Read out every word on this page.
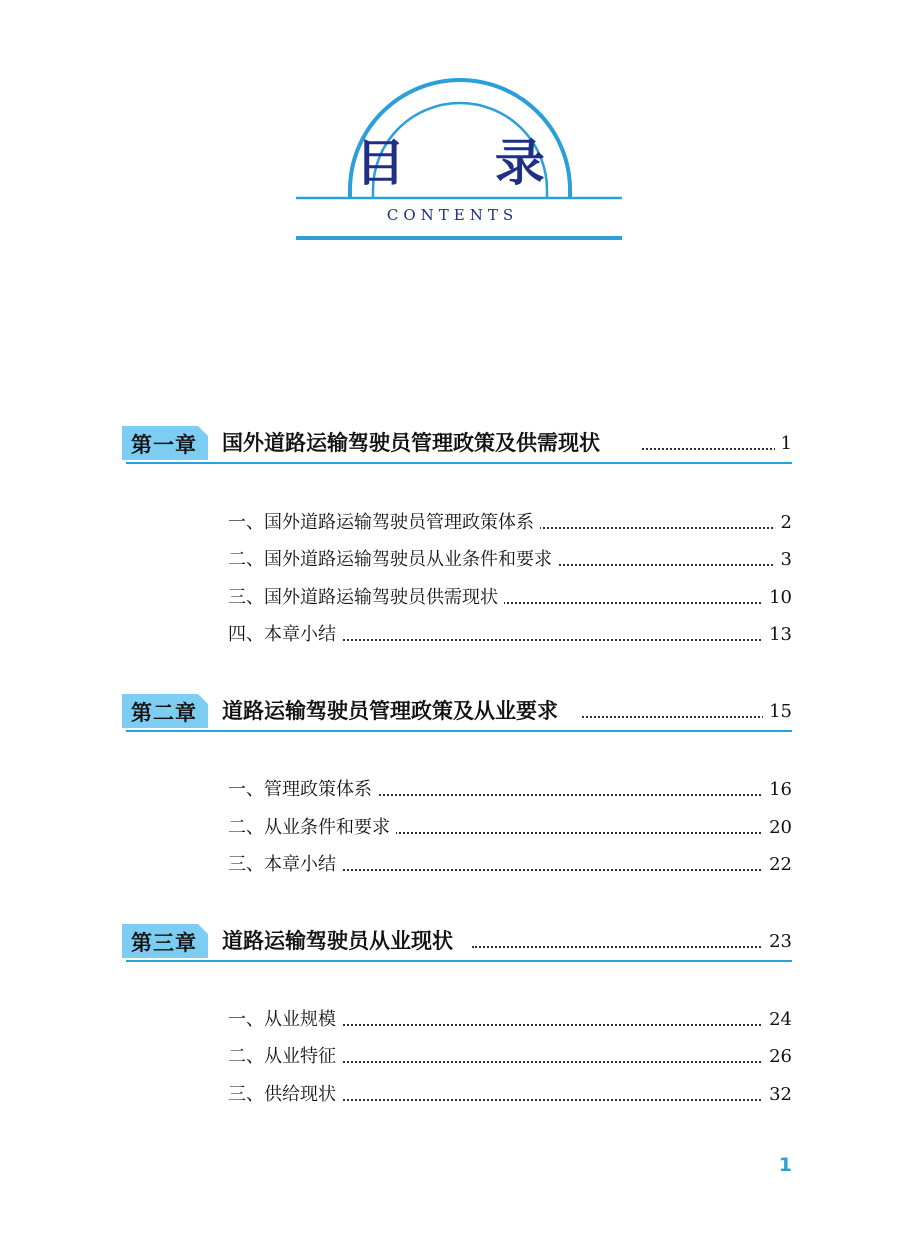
目 录
CONTENTS
第一章 国外道路运输驾驶员管理政策及供需现状	1
一、国外道路运输驾驶员管理政策体系	2
二、国外道路运输驾驶员从业条件和要求	3
三、国外道路运输驾驶员供需现状	10
四、本章小结	13
第二章 道路运输驾驶员管理政策及从业要求	15
一、管理政策体系	16
二、从业条件和要求	20
三、本章小结	22
第三章 道路运输驾驶员从业现状	23
一、从业规模	24
二、从业特征	26
三、供给现状	32
1
